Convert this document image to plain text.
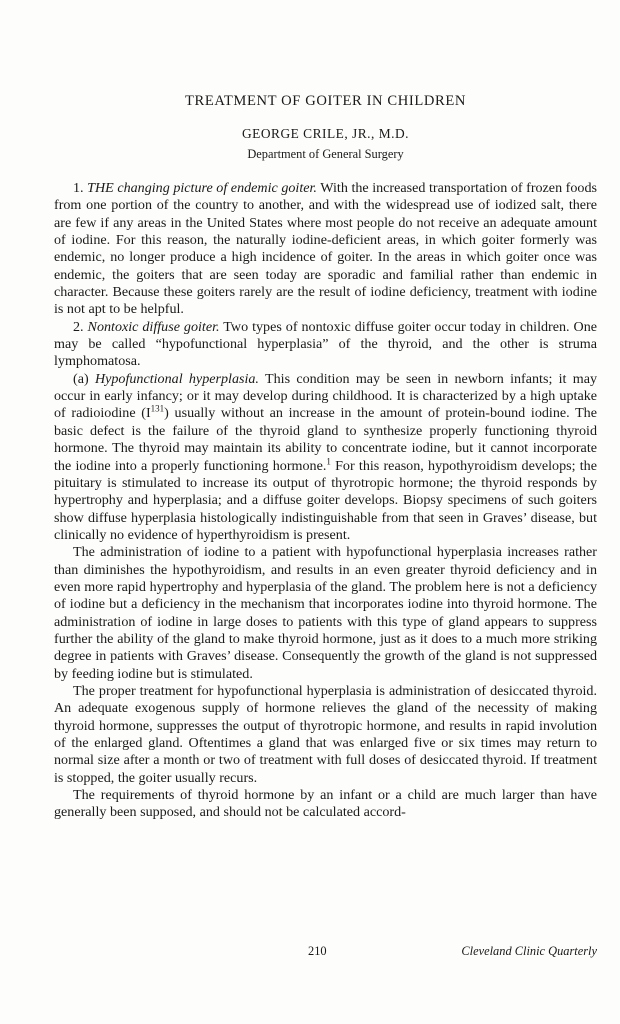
TREATMENT OF GOITER IN CHILDREN
GEORGE CRILE, JR., M.D.
Department of General Surgery

1. THE changing picture of endemic goiter. With the increased transportation of frozen foods from one portion of the country to another, and with the widespread use of iodized salt, there are few if any areas in the United States where most people do not receive an adequate amount of iodine. For this reason, the naturally iodine-deficient areas, in which goiter formerly was endemic, no longer produce a high incidence of goiter. In the areas in which goiter once was endemic, the goiters that are seen today are sporadic and familial rather than endemic in character. Because these goiters rarely are the result of iodine deficiency, treatment with iodine is not apt to be helpful.

2. Nontoxic diffuse goiter. Two types of nontoxic diffuse goiter occur today in children. One may be called “hypofunctional hyperplasia” of the thyroid, and the other is struma lymphomatosa.

(a) Hypofunctional hyperplasia. This condition may be seen in newborn infants; it may occur in early infancy; or it may develop during childhood. It is characterized by a high uptake of radioiodine $(I^{131})$ usually without an increase in the amount of protein-bound iodine. The basic defect is the failure of the thyroid gland to synthesize properly functioning thyroid hormone. The thyroid may maintain its ability to concentrate iodine, but it cannot incorporate the iodine into a properly functioning hormone.$^1$ For this reason, hypothyroidism develops; the pituitary is stimulated to increase its output of thyrotropic hormone; the thyroid responds by hypertrophy and hyperplasia; and a diffuse goiter develops. Biopsy specimens of such goiters show diffuse hyperplasia histologically indistinguishable from that seen in Graves’ disease, but clinically no evidence of hyperthyroidism is present.

The administration of iodine to a patient with hypofunctional hyperplasia increases rather than diminishes the hypothyroidism, and results in an even greater thyroid deficiency and in even more rapid hypertrophy and hyperplasia of the gland. The problem here is not a deficiency of iodine but a deficiency in the mechanism that incorporates iodine into thyroid hormone. The administration of iodine in large doses to patients with this type of gland appears to suppress further the ability of the gland to make thyroid hormone, just as it does to a much more striking degree in patients with Graves’ disease. Consequently the growth of the gland is not suppressed by feeding iodine but is stimulated.

The proper treatment for hypofunctional hyperplasia is administration of desiccated thyroid. An adequate exogenous supply of hormone relieves the gland of the necessity of making thyroid hormone, suppresses the output of thyrotropic hormone, and results in rapid involution of the enlarged gland. Oftentimes a gland that was enlarged five or six times may return to normal size after a month or two of treatment with full doses of desiccated thyroid. If treatment is stopped, the goiter usually recurs.

The requirements of thyroid hormone by an infant or a child are much larger than have generally been supposed, and should not be calculated accord-

210	Cleveland Clinic Quarterly
